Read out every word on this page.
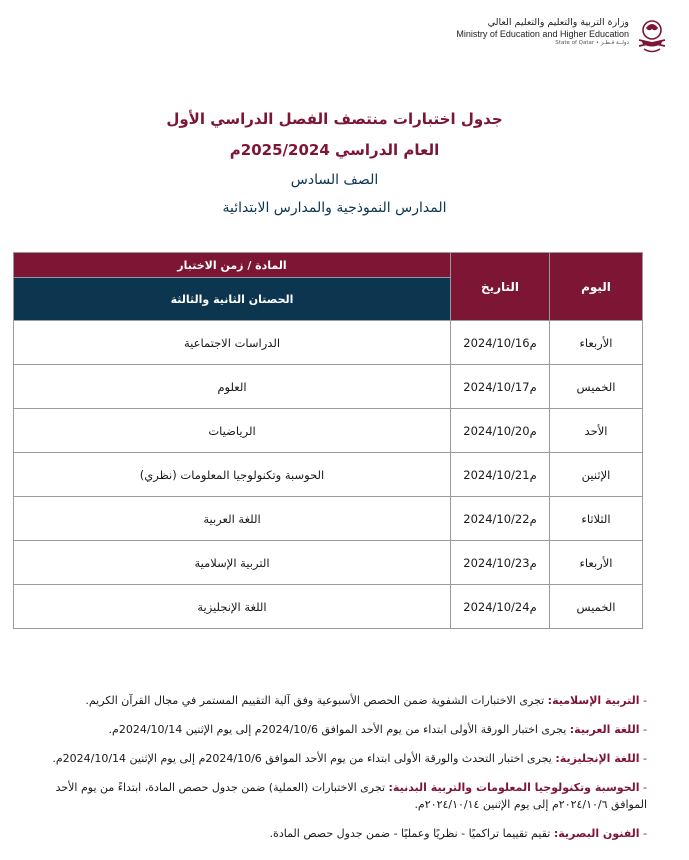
وزارة التربية والتعليم والتعليم العالي
Ministry of Education and Higher Education
State of Qatar • دولــة قـطـر
جدول اختبارات منتصف الفصل الدراسي الأول
العام الدراسي 2025/2024م
الصف السادس
المدارس النموذجية والمدارس الابتدائية
اليوم	التاريخ	المادة / زمن الاختبار
		الحصتان الثانية والثالثة
الأربعاء	2024/10/16م	الدراسات الاجتماعية
الخميس	2024/10/17م	العلوم
الأحد	2024/10/20م	الرياضيات
الإثنين	2024/10/21م	الحوسبة وتكنولوجيا المعلومات (نظري)
الثلاثاء	2024/10/22م	اللغة العربية
الأربعاء	2024/10/23م	التربية الإسلامية
الخميس	2024/10/24م	اللغة الإنجليزية
- التربية الإسلامية: تجرى الاختبارات الشفوية ضمن الحصص الأسبوعية وفق آلية التقييم المستمر في مجال القرآن الكريم.
- اللغة العربية: يجرى اختبار الورقة الأولى ابتداء من يوم الأحد الموافق 2024/10/6م إلى يوم الإثنين 2024/10/14م.
- اللغة الإنجليزية: يجرى اختبار التحدث والورقة الأولى ابتداء من يوم الأحد الموافق 2024/10/6م إلى يوم الإثنين 2024/10/14م.
- الحوسبة وتكنولوجيا المعلومات والتربية البدنية: تجرى الاختبارات (العملية) ضمن جدول حصص المادة، ابتداءً من يوم الأحد الموافق ٢٠٢٤/١٠/٦م إلى يوم الإثنين ٢٠٢٤/١٠/١٤م.
- الفنون البصرية: تقيم تقييما تراكميًا - نظريًا وعمليًا - ضمن جدول حصص المادة.
